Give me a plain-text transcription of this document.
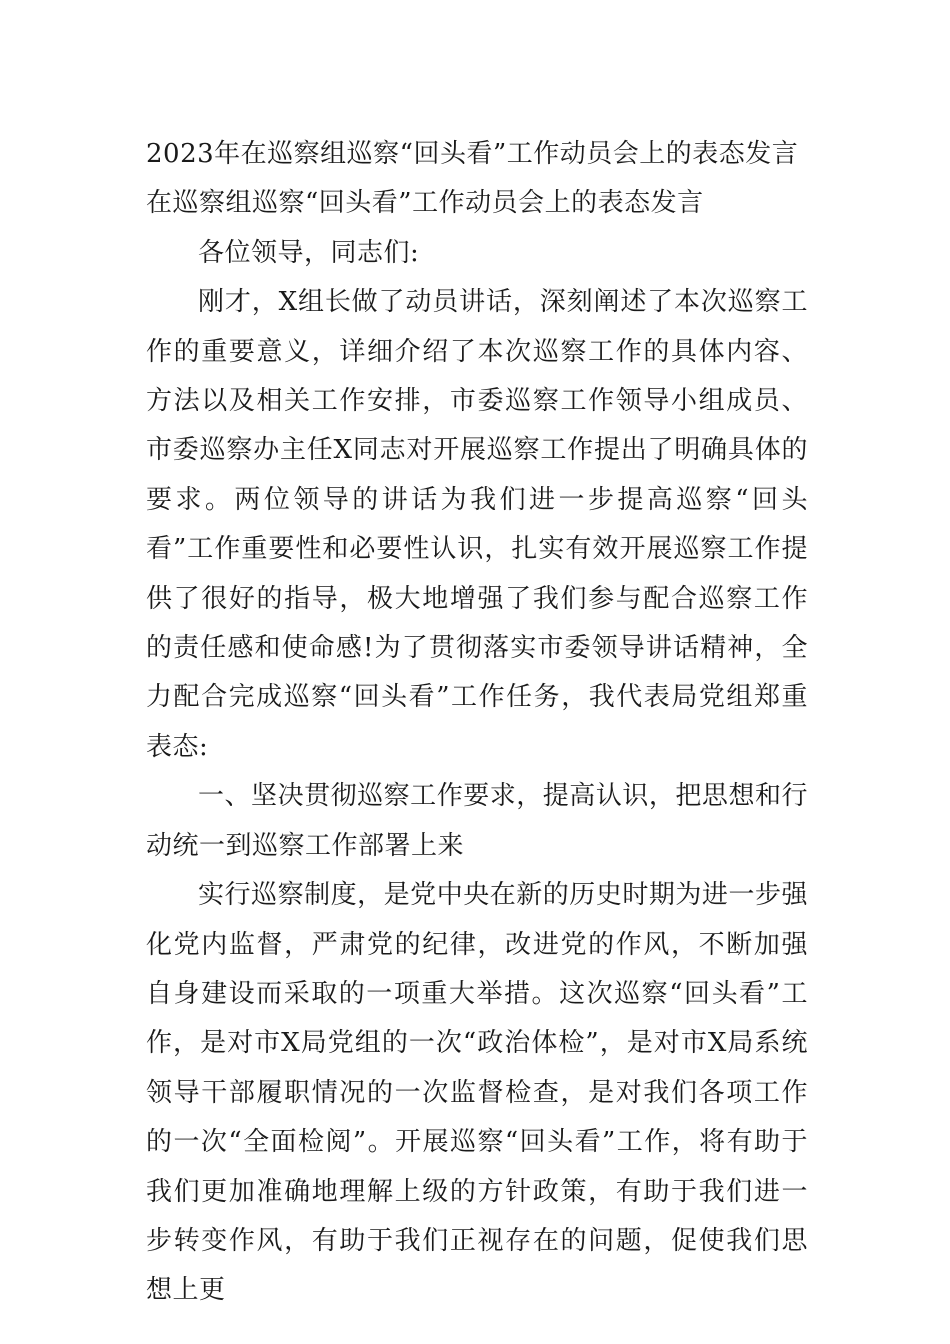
2023年在巡察组巡察“回头看”工作动员会上的表态发言

在巡察组巡察“回头看”工作动员会上的表态发言

各位领导，同志们:

刚才，X组长做了动员讲话，深刻阐述了本次巡察工作的重要意义，详细介绍了本次巡察工作的具体内容、方法以及相关工作安排，市委巡察工作领导小组成员、市委巡察办主任X同志对开展巡察工作提出了明确具体的要求。两位领导的讲话为我们进一步提高巡察“回头看”工作重要性和必要性认识，扎实有效开展巡察工作提供了很好的指导，极大地增强了我们参与配合巡察工作的责任感和使命感!为了贯彻落实市委领导讲话精神，全力配合完成巡察“回头看”工作任务，我代表局党组郑重表态:

一、坚决贯彻巡察工作要求，提高认识，把思想和行动统一到巡察工作部署上来

实行巡察制度，是党中央在新的历史时期为进一步强化党内监督，严肃党的纪律，改进党的作风，不断加强自身建设而采取的一项重大举措。这次巡察“回头看”工作，是对市X局党组的一次“政治体检”，是对市X局系统领导干部履职情况的一次监督检查，是对我们各项工作的一次“全面检阅”。开展巡察“回头看”工作，将有助于我们更加准确地理解上级的方针政策，有助于我们进一步转变作风，有助于我们正视存在的问题，促使我们思想上更
